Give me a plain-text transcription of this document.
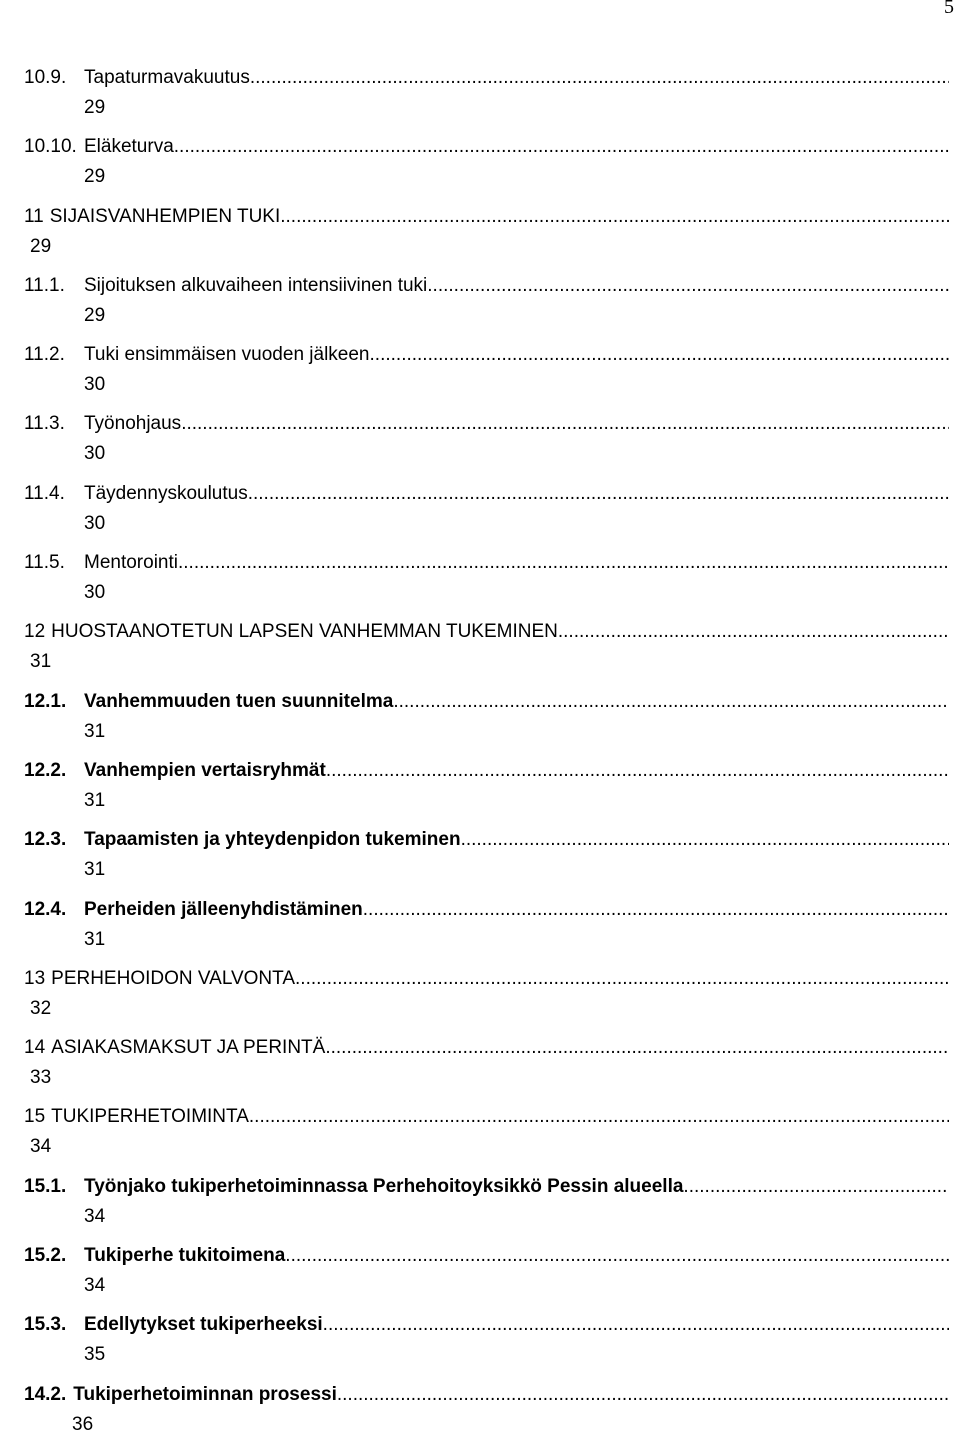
5
10.9. Tapaturmavakuutus
.....
29
10.10. Eläketurva
.....
29
11 SIJAISVANHEMPIEN TUKI
.....
29
11.1.	Sijoituksen alkuvaiheen intensiivinen tuki
.....
29
11.2.	Tuki ensimmäisen vuoden jälkeen
.....
30
11.3.	Työnohjaus
.....
30
11.4.	Täydennyskoulutus
.....
30
11.5.	Mentorointi
.....
30
12 HUOSTAANOTETUN LAPSEN VANHEMMAN TUKEMINEN
.....
31
12.1. Vanhemmuuden tuen suunnitelma
.....
31
12.2. Vanhempien vertaisryhmät
.....
31
12.3. Tapaamisten ja yhteydenpidon tukeminen
.....
31
12.4. Perheiden jälleenyhdistäminen
.....
31
13 PERHEHOIDON VALVONTA
.....
32
14 ASIAKASMAKSUT JA PERINTÄ
.....
33
15 TUKIPERHETOIMINTA
.....
34
15.1. Työnjako tukiperhetoiminnassa Perhehoitoyksikkö Pessin alueella
.....
34
15.2. Tukiperhe tukitoimena
.....
34
15.3. Edellytykset tukiperheeksi
.....
35
14.2. Tukiperhetoiminnan prosessi
.....
36
